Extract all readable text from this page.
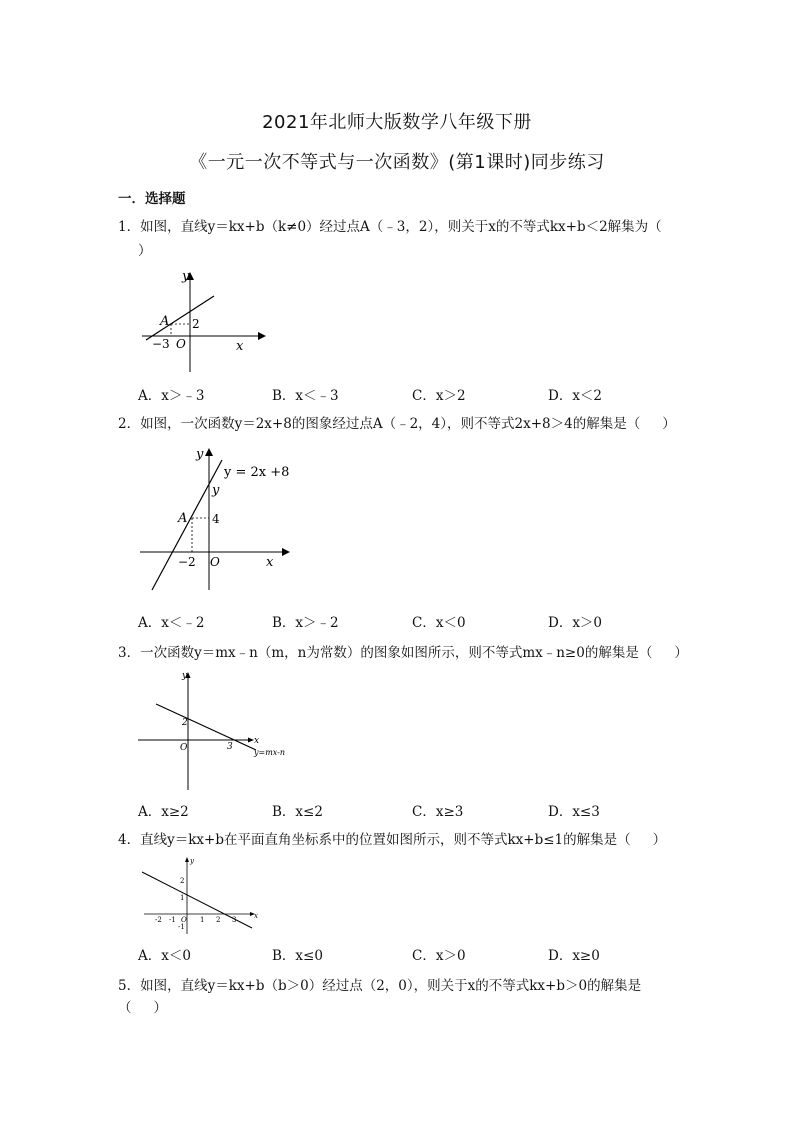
2021年北师大版数学八年级下册
《一元一次不等式与一次函数》(第1课时)同步练习
一．选择题
1．如图，直线y＝kx+b（k≠0）经过点A（﹣3，2），则关于x的不等式kx+b＜2解集为（
）
y
x
A 2
−3 O
A．x＞﹣3	B．x＜﹣3	C．x＞2	D．x＜2
2．如图，一次函数y＝2x+8的图象经过点A（﹣2，4），则不等式2x+8＞4的解集是（ ）
y
y = 2x +8
y
A 4
−2 O	x
A．x＜﹣2	B．x＞﹣2	C．x＜0	D．x＞0
3．一次函数y＝mx﹣n（m，n为常数）的图象如图所示，则不等式mx﹣n≥0的解集是（ ）
y
x
2
3
O	y=mx-n
A．x≥2	B．x≤2	C．x≥3	D．x≤3
4．直线y＝kx+b在平面直角坐标系中的位置如图所示，则不等式kx+b≤1的解集是（ ）
y
x
2
1
-1
O
-2 -1	1 2 3
A．x＜0	B．x≤0	C．x＞0	D．x≥0
5．如图，直线y＝kx+b（b＞0）经过点（2，0），则关于x的不等式kx+b＞0的解集是（ ）
